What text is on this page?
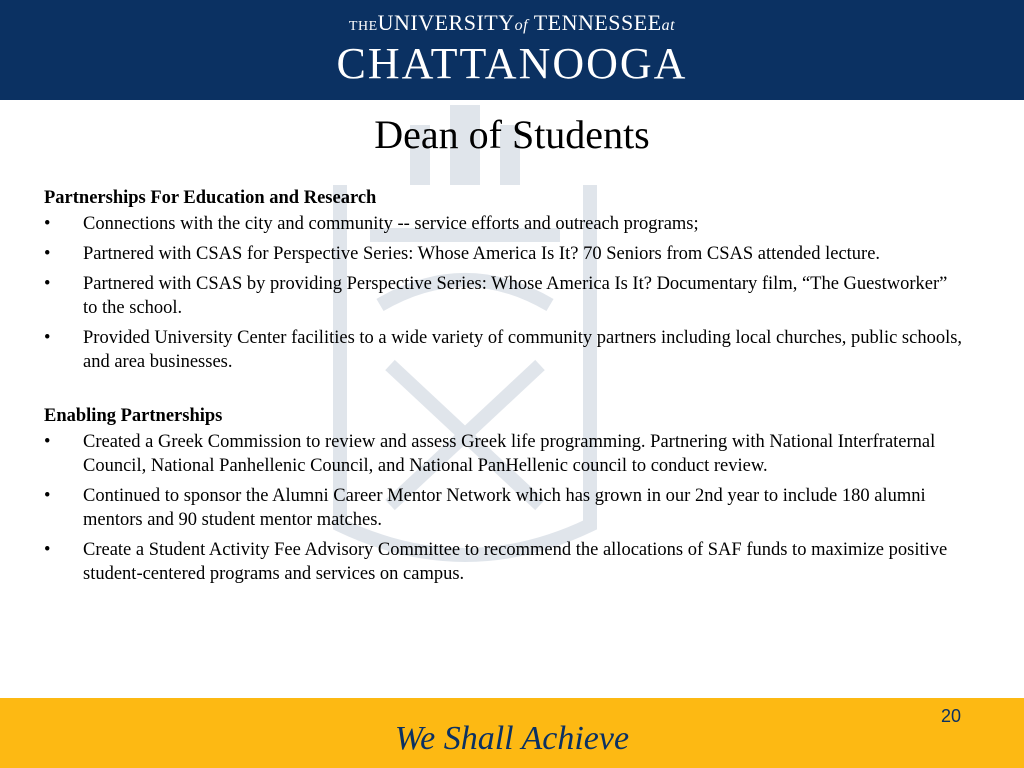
THEUNIVERSITYof TENNESSEEat
CHATTANOOGA
Dean of Students
Partnerships For Education and Research
• Connections with the city and community -- service efforts and outreach programs;
• Partnered with CSAS for Perspective Series: Whose America Is It? 70 Seniors from CSAS attended lecture.
• Partnered with CSAS by providing Perspective Series: Whose America Is It? Documentary film, “The Guestworker” to the school.
• Provided University Center facilities to a wide variety of community partners including local churches, public schools, and area businesses.
Enabling Partnerships
• Created a Greek Commission to review and assess Greek life programming. Partnering with National Interfraternal Council, National Panhellenic Council, and National PanHellenic council to conduct review.
• Continued to sponsor the Alumni Career Mentor Network which has grown in our 2nd year to include 180 alumni mentors and 90 student mentor matches.
• Create a Student Activity Fee Advisory Committee to recommend the allocations of SAF funds to maximize positive student-centered programs and services on campus.
20
We Shall Achieve
